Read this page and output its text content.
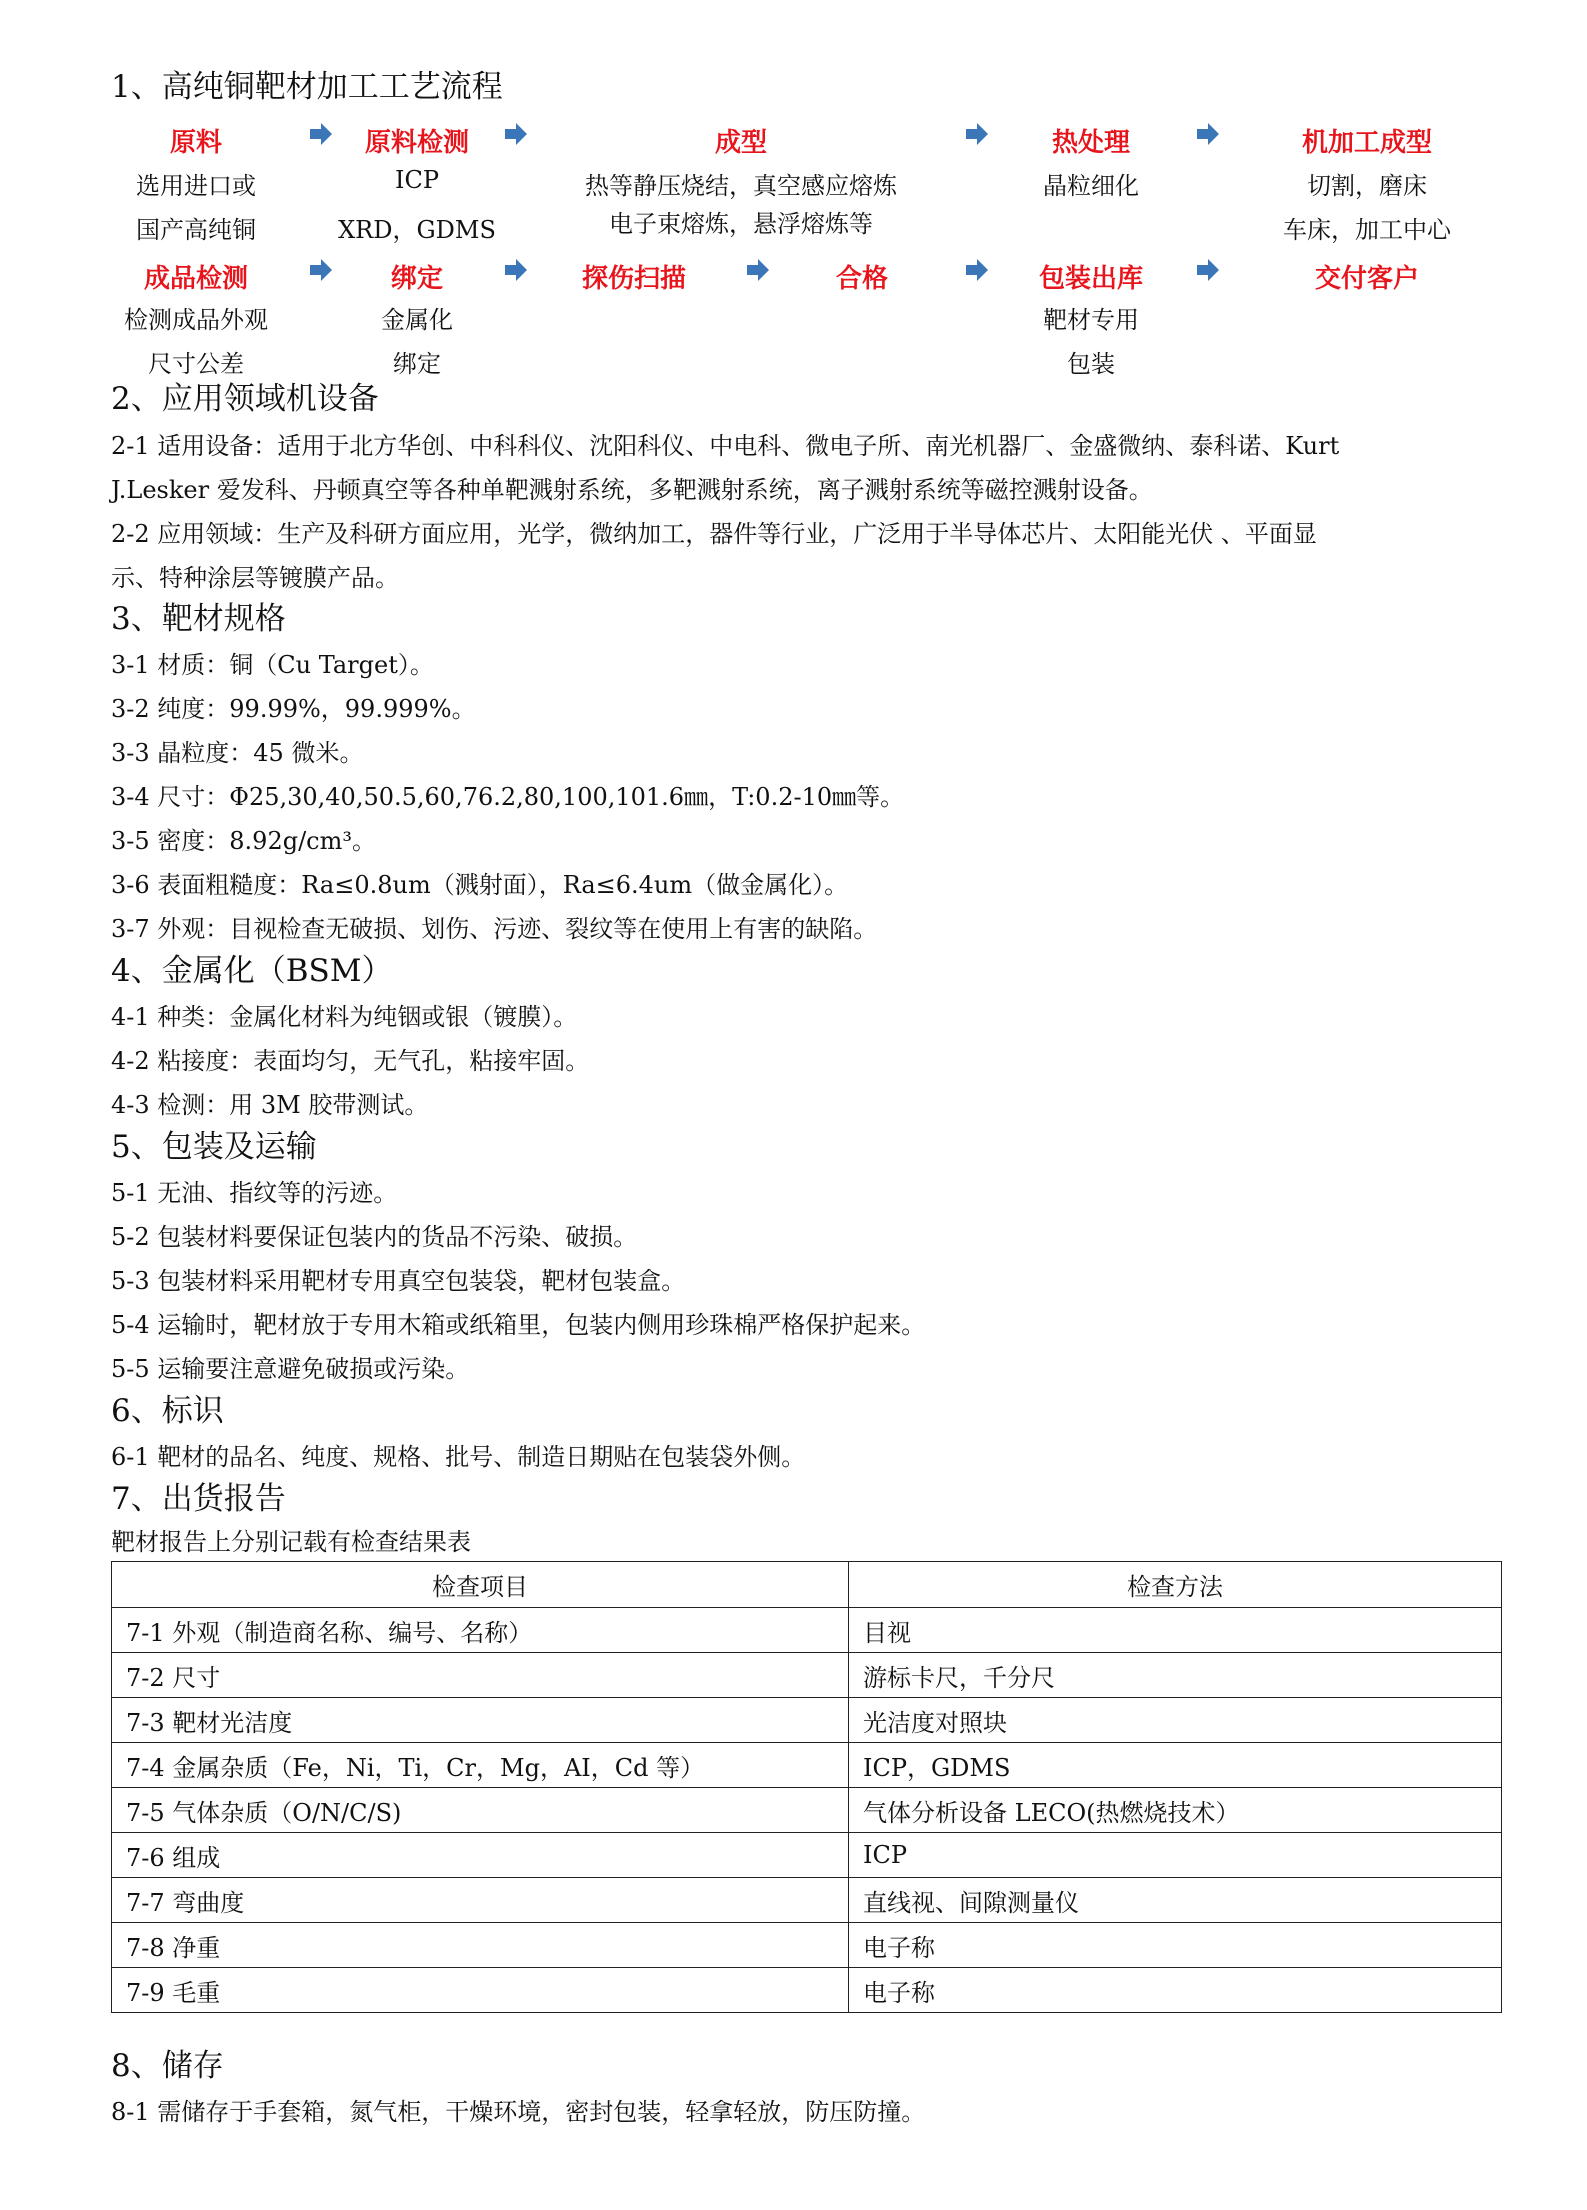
1、高纯铜靶材加工工艺流程
原料
选用进口或
国产高纯铜
原料检测
ICP
XRD，GDMS
成型
热等静压烧结，真空感应熔炼
电子束熔炼，悬浮熔炼等
热处理
晶粒细化
机加工成型
切割，磨床
车床，加工中心
成品检测
检测成品外观
尺寸公差
绑定
金属化
绑定
探伤扫描	合格	包装出库
靶材专用
包装
交付客户
2、应用领域机设备
2-1 适用设备：适用于北方华创、中科科仪、沈阳科仪、中电科、微电子所、南光机器厂、金盛微纳、泰科诺、Kurt
J.Lesker 爱发科、丹顿真空等各种单靶溅射系统，多靶溅射系统，离子溅射系统等磁控溅射设备。
2-2 应用领域：生产及科研方面应用，光学，微纳加工，器件等行业，广泛用于半导体芯片、太阳能光伏 、平面显
示、特种涂层等镀膜产品。
3、靶材规格
3-1 材质：铜（Cu Target）。
3-2 纯度：99.99%，99.999%。
3-3 晶粒度：45 微米。
3-4 尺寸：Φ25,30,40,50.5,60,76.2,80,100,101.6㎜，T:0.2-10㎜等。
3-5 密度：8.92g/cm³。
3-6 表面粗糙度：Ra≤0.8um（溅射面），Ra≤6.4um（做金属化）。
3-7 外观：目视检查无破损、划伤、污迹、裂纹等在使用上有害的缺陷。
4、金属化（BSM）
4-1 种类：金属化材料为纯铟或银（镀膜）。
4-2 粘接度：表面均匀，无气孔，粘接牢固。
4-3 检测：用 3M 胶带测试。
5、包装及运输
5-1 无油、指纹等的污迹。
5-2 包装材料要保证包装内的货品不污染、破损。
5-3 包装材料采用靶材专用真空包装袋，靶材包装盒。
5-4 运输时，靶材放于专用木箱或纸箱里，包装内侧用珍珠棉严格保护起来。
5-5 运输要注意避免破损或污染。
6、标识
6-1 靶材的品名、纯度、规格、批号、制造日期贴在包装袋外侧。
7、出货报告
靶材报告上分别记载有检查结果表
检查项目	检查方法
7-1 外观（制造商名称、编号、名称）	目视
7-2 尺寸	游标卡尺，千分尺
7-3 靶材光洁度	光洁度对照块
7-4 金属杂质（Fe，Ni，Ti，Cr，Mg，AI，Cd 等）	ICP，GDMS
7-5 气体杂质（O/N/C/S)	气体分析设备 LECO(热燃烧技术）
7-6 组成	ICP
7-7 弯曲度	直线视、间隙测量仪
7-8 净重	电子称
7-9 毛重	电子称
8、储存
8-1 需储存于手套箱，氮气柜，干燥环境，密封包装，轻拿轻放，防压防撞。
